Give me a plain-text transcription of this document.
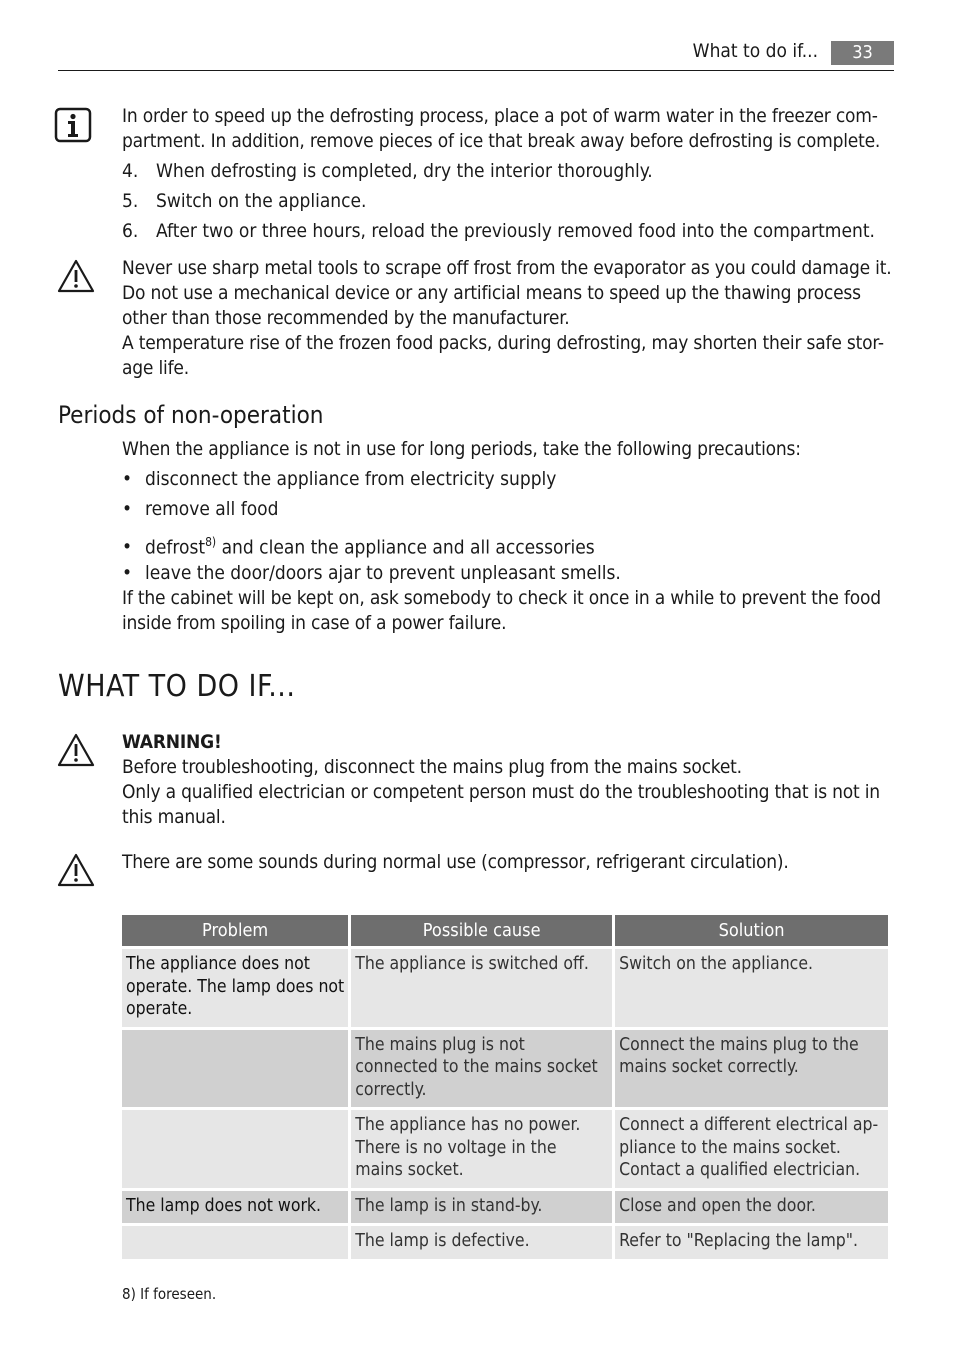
What to do if...	33

In order to speed up the defrosting process, place a pot of warm water in the freezer com-

partment. In addition, remove pieces of ice that break away before defrosting is complete.

4. When defrosting is completed, dry the interior thoroughly.
5. Switch on the appliance.
6. After two or three hours, reload the previously removed food into the compartment.

Never use sharp metal tools to scrape off frost from the evaporator as you could damage it.

Do not use a mechanical device or any artificial means to speed up the thawing process

other than those recommended by the manufacturer.

A temperature rise of the frozen food packs, during defrosting, may shorten their safe stor-

age life.

Periods of non-operation

When the appliance is not in use for long periods, take the following precautions:

• disconnect the appliance from electricity supply
• remove all food
• defrost$^{8)}$ and clean the appliance and all accessories
• leave the door/doors ajar to prevent unpleasant smells.

If the cabinet will be kept on, ask somebody to check it once in a while to prevent the food

inside from spoiling in case of a power failure.

WHAT TO DO IF...

WARNING!

Before troubleshooting, disconnect the mains plug from the mains socket.

Only a qualified electrician or competent person must do the troubleshooting that is not in

this manual.

There are some sounds during normal use (compressor, refrigerant circulation).

Problem	Possible cause	Solution
The appliance does not operate. The lamp does not operate.	The appliance is switched off.	Switch on the appliance.
	The mains plug is not connected to the mains socket correctly.	Connect the mains plug to the mains socket correctly.
	The appliance has no power. There is no voltage in the mains socket.	Connect a different electrical ap-pliance to the mains socket. Contact a qualified electrician.
The lamp does not work.	The lamp is in stand-by.	Close and open the door.
	The lamp is defective.	Refer to "Replacing the lamp".
8) If foreseen.
